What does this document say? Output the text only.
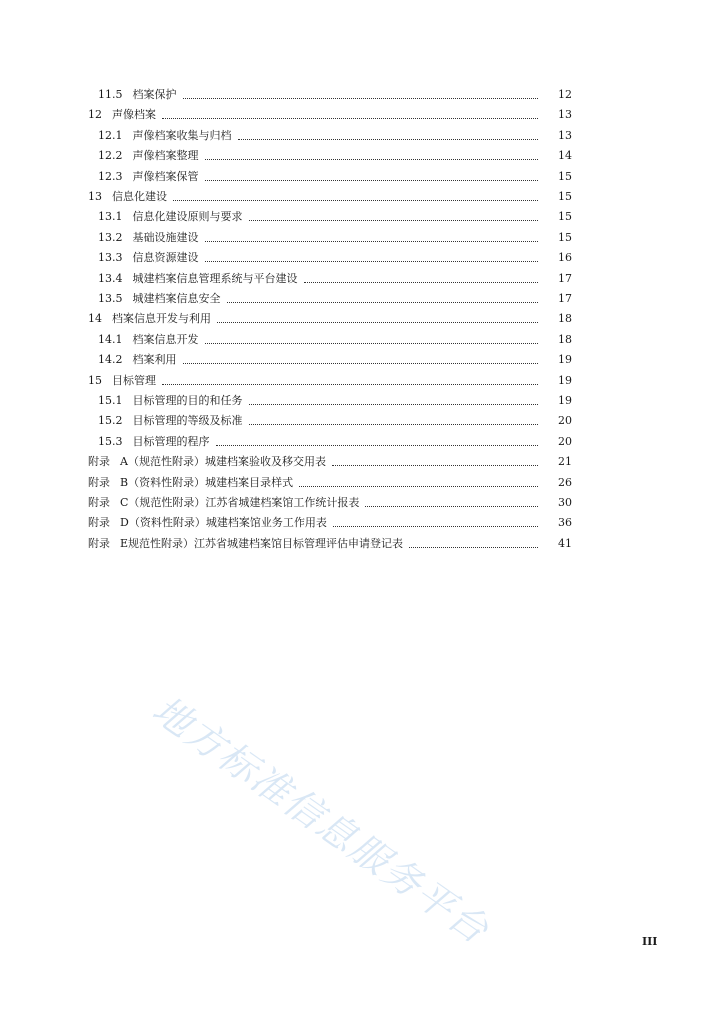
11.5 档案保护	12
12 声像档案	13
12.1 声像档案收集与归档	13
12.2 声像档案整理	14
12.3 声像档案保管	15
13 信息化建设	15
13.1 信息化建设原则与要求	15
13.2 基础设施建设	15
13.3 信息资源建设	16
13.4 城建档案信息管理系统与平台建设	17
13.5 城建档案信息安全	17
14 档案信息开发与利用	18
14.1 档案信息开发	18
14.2 档案利用	19
15 目标管理	19
15.1 目标管理的目的和任务	19
15.2 目标管理的等级及标准	20
15.3 目标管理的程序	20
附录 A（规范性附录）城建档案验收及移交用表	21
附录 B（资料性附录）城建档案目录样式	26
附录 C（规范性附录）江苏省城建档案馆工作统计报表	30
附录 D（资料性附录）城建档案馆业务工作用表	36
附录 E规范性附录）江苏省城建档案馆目标管理评估申请登记表	41
地方标准信息服务平台	III
